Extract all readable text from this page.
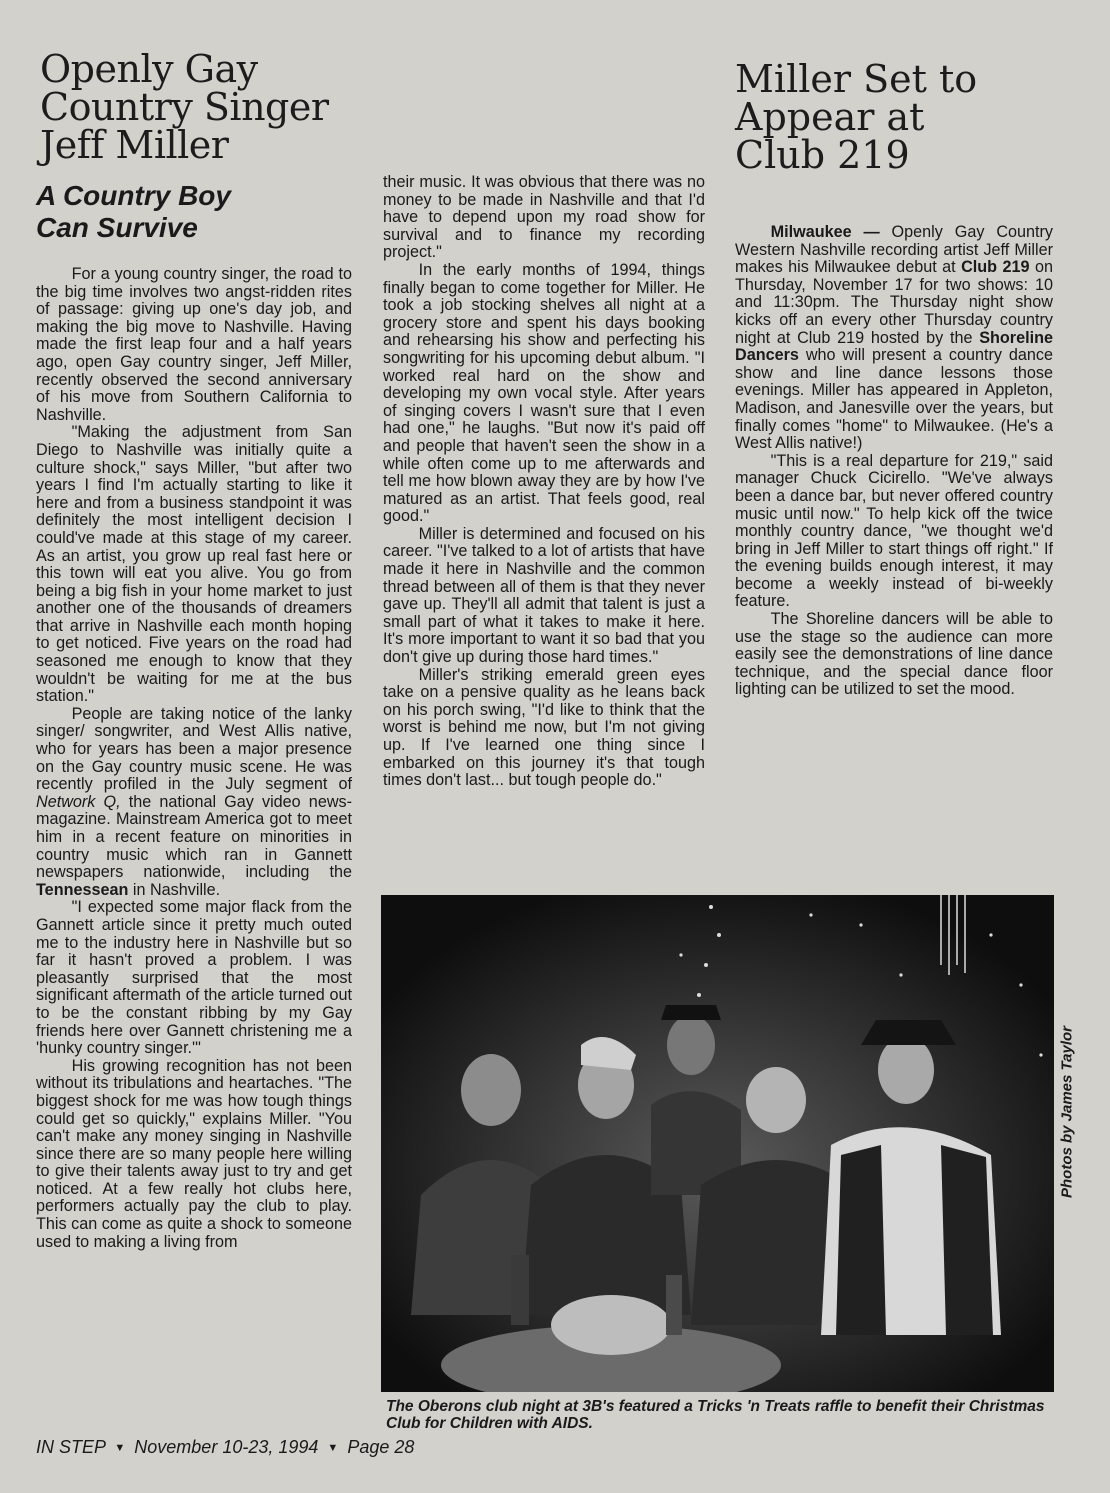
Openly Gay
Country Singer
Jeff Miller
A Country Boy
Can Survive

For a young country singer, the road to the big time involves two angst-ridden rites of passage: giving up one's day job, and making the big move to Nashville. Having made the first leap four and a half years ago, open Gay country singer, Jeff Miller, recently observed the second anniversary of his move from Southern California to Nashville.

"Making the adjustment from San Diego to Nashville was initially quite a culture shock," says Miller, "but after two years I find I'm actually starting to like it here and from a business standpoint it was definitely the most intelligent decision I could've made at this stage of my career. As an artist, you grow up real fast here or this town will eat you alive. You go from being a big fish in your home market to just another one of the thousands of dreamers that arrive in Nashville each month hoping to get noticed. Five years on the road had seasoned me enough to know that they wouldn't be waiting for me at the bus station."

People are taking notice of the lanky singer/ songwriter, and West Allis native, who for years has been a major presence on the Gay country music scene. He was recently profiled in the July segment of Network Q, the national Gay video news-magazine. Mainstream America got to meet him in a recent feature on minorities in country music which ran in Gannett newspapers nationwide, including the Tennessean in Nashville.

"I expected some major flack from the Gannett article since it pretty much outed me to the industry here in Nashville but so far it hasn't proved a problem. I was pleasantly surprised that the most significant aftermath of the article turned out to be the constant ribbing by my Gay friends here over Gannett christening me a 'hunky country singer.'"

His growing recognition has not been without its tribulations and heartaches. "The biggest shock for me was how tough things could get so quickly," explains Miller. "You can't make any money singing in Nashville since there are so many people here willing to give their talents away just to try and get noticed. At a few really hot clubs here, performers actually pay the club to play. This can come as quite a shock to someone used to making a living from

their music. It was obvious that there was no money to be made in Nashville and that I'd have to depend upon my road show for survival and to finance my recording project."

In the early months of 1994, things finally began to come together for Miller. He took a job stocking shelves all night at a grocery store and spent his days booking and rehearsing his show and perfecting his songwriting for his upcoming debut album. "I worked real hard on the show and developing my own vocal style. After years of singing covers I wasn't sure that I even had one," he laughs. "But now it's paid off and people that haven't seen the show in a while often come up to me afterwards and tell me how blown away they are by how I've matured as an artist. That feels good, real good."

Miller is determined and focused on his career. "I've talked to a lot of artists that have made it here in Nashville and the common thread between all of them is that they never gave up. They'll all admit that talent is just a small part of what it takes to make it here. It's more important to want it so bad that you don't give up during those hard times."

Miller's striking emerald green eyes take on a pensive quality as he leans back on his porch swing, "I'd like to think that the worst is behind me now, but I'm not giving up. If I've learned one thing since I embarked on this journey it's that tough times don't last... but tough people do."

Miller Set to
Appear at
Club 219

Milwaukee — Openly Gay Country Western Nashville recording artist Jeff Miller makes his Milwaukee debut at Club 219 on Thursday, November 17 for two shows: 10 and 11:30pm. The Thursday night show kicks off an every other Thursday country night at Club 219 hosted by the Shoreline Dancers who will present a country dance show and line dance lessons those evenings. Miller has appeared in Appleton, Madison, and Janesville over the years, but finally comes "home" to Milwaukee. (He's a West Allis native!)

"This is a real departure for 219," said manager Chuck Cicirello. "We've always been a dance bar, but never offered country music until now." To help kick off the twice monthly country dance, "we thought we'd bring in Jeff Miller to start things off right." If the evening builds enough interest, it may become a weekly instead of bi-weekly feature.

The Shoreline dancers will be able to use the stage so the audience can more easily see the demonstrations of line dance technique, and the special dance floor lighting can be utilized to set the mood.

Photos by James Taylor
The Oberons club night at 3B's featured a Tricks 'n Treats raffle to benefit their Christmas Club for Children with AIDS.
IN STEP ▼ November 10-23, 1994 ▼ Page 28
